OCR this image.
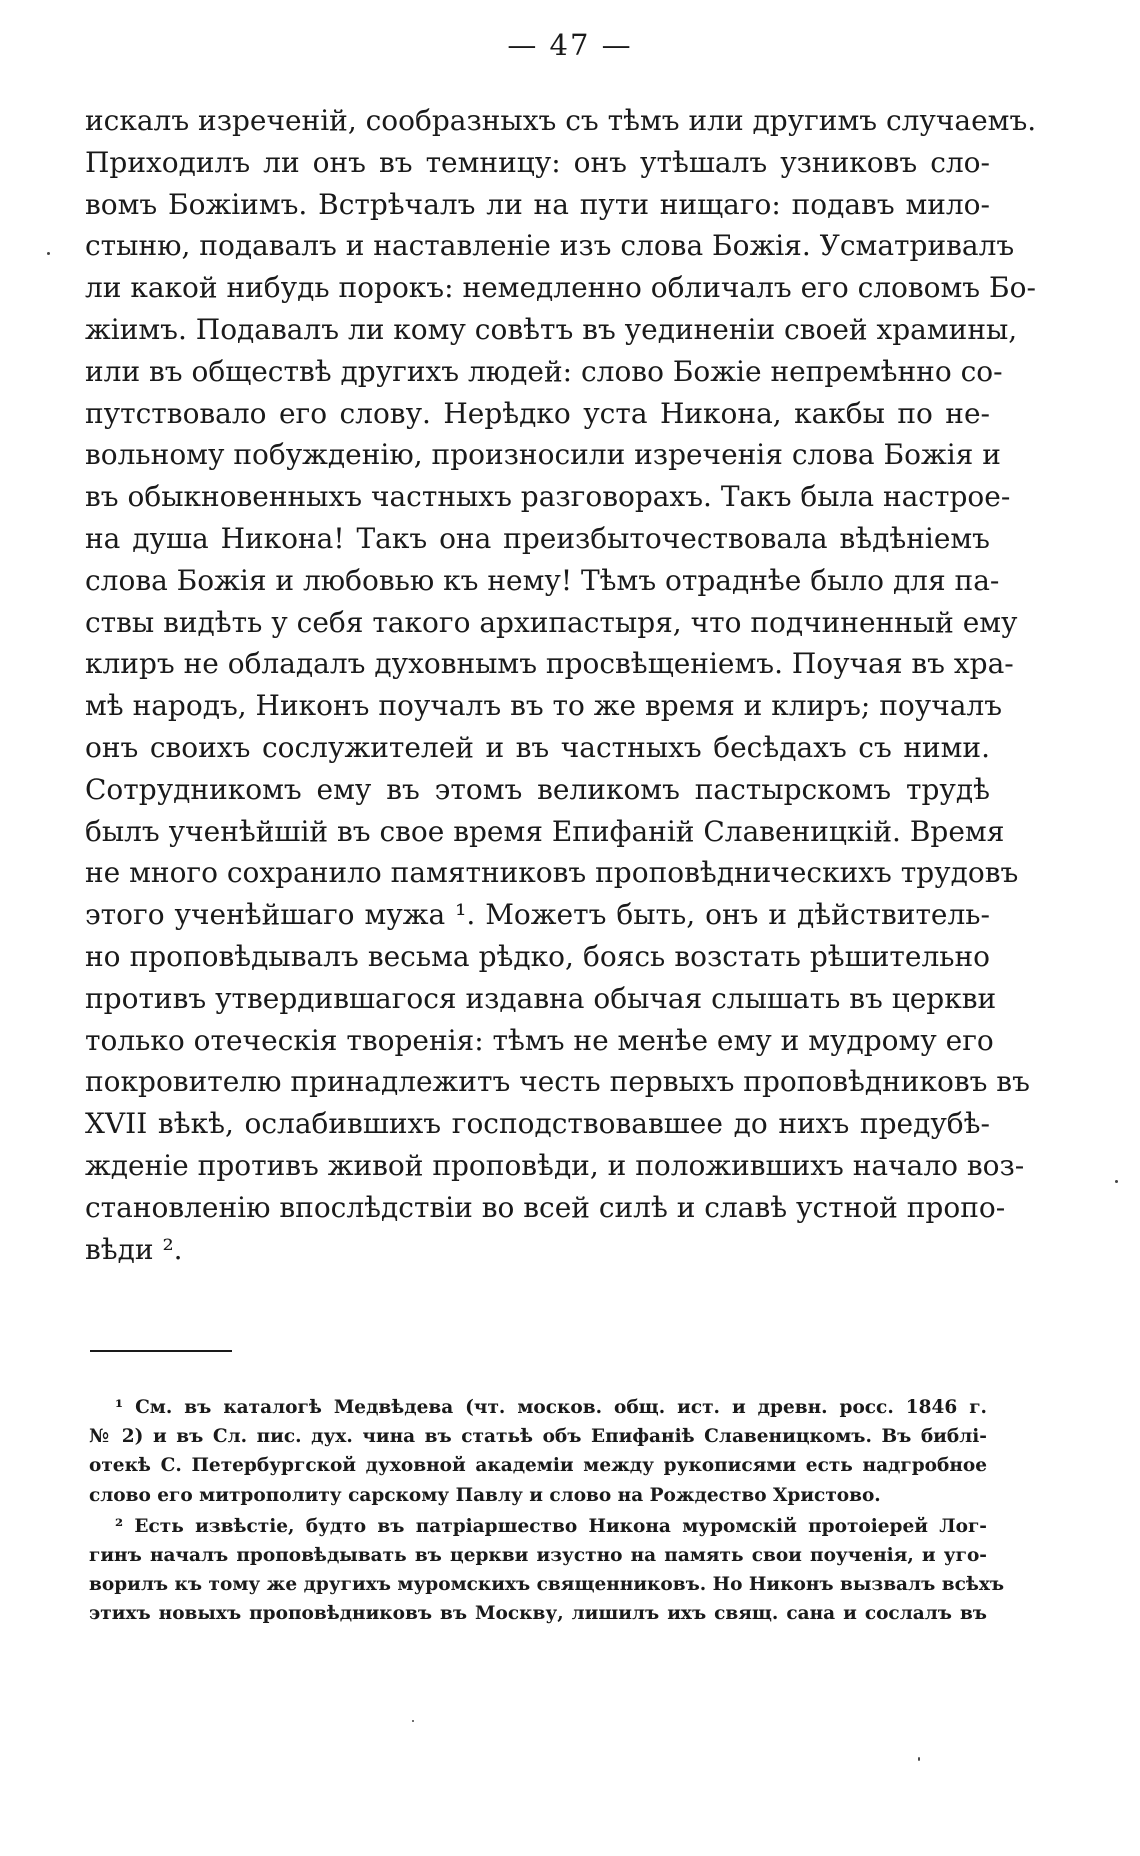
— 47 —
искалъ изреченій, сообразныхъ съ тѣмъ или другимъ случаемъ.
Приходилъ ли онъ въ темницу: онъ утѣшалъ узниковъ сло-
вомъ Божіимъ. Встрѣчалъ ли на пути нищаго: подавъ мило-
стыню, подавалъ и наставленіе изъ слова Божія. Усматривалъ
ли какой нибудь порокъ: немедленно обличалъ его словомъ Бо-
жіимъ. Подавалъ ли кому совѣтъ въ уединеніи своей храмины,
или въ обществѣ другихъ людей: слово Божіе непремѣнно со-
путствовало его слову. Нерѣдко уста Никона, какбы по не-
вольному побужденію, произносили изреченія слова Божія и
въ обыкновенныхъ частныхъ разговорахъ. Такъ была настрое-
на душа Никона! Такъ она преизбыточествовала вѣдѣніемъ
слова Божія и любовью къ нему! Тѣмъ отраднѣе было для па-
ствы видѣть у себя такого архипастыря, что подчиненный ему
клиръ не обладалъ духовнымъ просвѣщеніемъ. Поучая въ хра-
мѣ народъ, Никонъ поучалъ въ то же время и клиръ; поучалъ
онъ своихъ сослужителей и въ частныхъ бесѣдахъ съ ними.
Сотрудникомъ ему въ этомъ великомъ пастырскомъ трудѣ
былъ ученѣйшій въ свое время Епифаній Славеницкій. Время
не много сохранило памятниковъ проповѣдническихъ трудовъ
этого ученѣйшаго мужа ¹. Можетъ быть, онъ и дѣйствитель-
но проповѣдывалъ весьма рѣдко, боясь возстать рѣшительно
противъ утвердившагося издавна обычая слышать въ церкви
только отеческія творенія: тѣмъ не менѣе ему и мудрому его
покровителю принадлежитъ честь первыхъ проповѣдниковъ въ
XVII вѣкѣ, ослабившихъ господствовавшее до нихъ предубѣ-
жденіе противъ живой проповѣди, и положившихъ начало воз-
становленію впослѣдствіи во всей силѣ и славѣ устной пропо-
вѣди ².
¹ См. въ каталогѣ Медвѣдева (чт. москов. общ. ист. и древн. росс. 1846 г.
№ 2) и въ Сл. пис. дух. чина въ статьѣ объ Епифаніѣ Славеницкомъ. Въ библі-
отекѣ С. Петербургской духовной академіи между рукописями есть надгробное
слово его митрополиту сарскому Павлу и слово на Рождество Христово.
² Есть извѣстіе, будто въ патріаршество Никона муромскій протоіерей Лог-
гинъ началъ проповѣдывать въ церкви изустно на память свои поученія, и уго-
ворилъ къ тому же другихъ муромскихъ священниковъ. Но Никонъ вызвалъ всѣхъ
этихъ новыхъ проповѣдниковъ въ Москву, лишилъ ихъ свящ. сана и сослалъ въ
